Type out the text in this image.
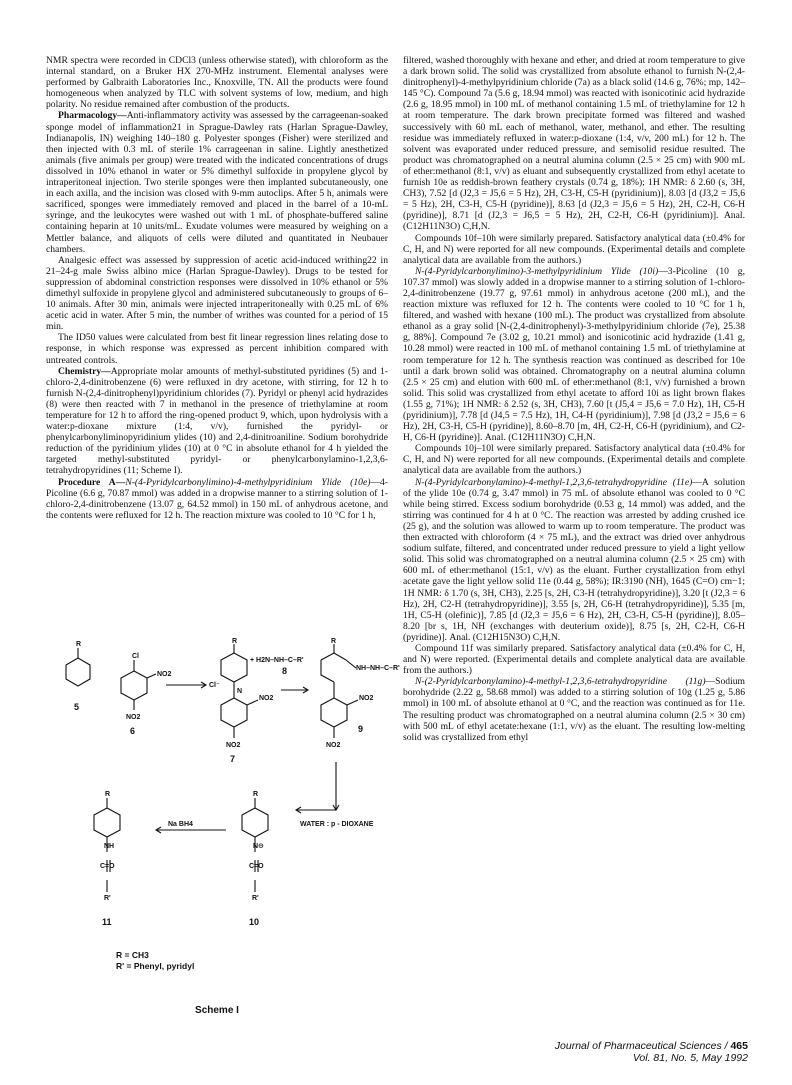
NMR spectra were recorded in CDCl3 (unless otherwise stated), with chloroform as the internal standard, on a Bruker HX 270-MHz instrument. Elemental analyses were performed by Galbraith Laboratories Inc., Knoxville, TN. All the products were found homogeneous when analyzed by TLC with solvent systems of low, medium, and high polarity. No residue remained after combustion of the products.

Pharmacology—Anti-inflammatory activity was assessed by the carrageenan-soaked sponge model of inflammation21 in Sprague-Dawley rats (Harlan Sprague-Dawley, Indianapolis, IN) weighing 140–180 g. Polyester sponges (Fisher) were sterilized and then injected with 0.3 mL of sterile 1% carrageenan in saline. Lightly anesthetized animals (five animals per group) were treated with the indicated concentrations of drugs dissolved in 10% ethanol in water or 5% dimethyl sulfoxide in propylene glycol by intraperitoneal injection. Two sterile sponges were then implanted subcutaneously, one in each axilla, and the incision was closed with 9-mm autoclips. After 5 h, animals were sacrificed, sponges were immediately removed and placed in the barrel of a 10-mL syringe, and the leukocytes were washed out with 1 mL of phosphate-buffered saline containing heparin at 10 units/mL. Exudate volumes were measured by weighing on a Mettler balance, and aliquots of cells were diluted and quantitated in Neubauer chambers.

Analgesic effect was assessed by suppression of acetic acid-induced writhing22 in 21–24-g male Swiss albino mice (Harlan Sprague-Dawley). Drugs to be tested for suppression of abdominal constriction responses were dissolved in 10% ethanol or 5% dimethyl sulfoxide in propylene glycol and administered subcutaneously to groups of 6–10 animals. After 30 min, animals were injected intraperitoneally with 0.25 mL of 6% acetic acid in water. After 5 min, the number of writhes was counted for a period of 15 min.

The ID50 values were calculated from best fit linear regression lines relating dose to response, in which response was expressed as percent inhibition compared with untreated controls.

Chemistry—Appropriate molar amounts of methyl-substituted pyridines (5) and 1-chloro-2,4-dinitrobenzene (6) were refluxed in dry acetone, with stirring, for 12 h to furnish N-(2,4-dinitrophenyl)pyridinium chlorides (7). Pyridyl or phenyl acid hydrazides (8) were then reacted with 7 in methanol in the presence of triethylamine at room temperature for 12 h to afford the ring-opened product 9, which, upon hydrolysis with a water:p-dioxane mixture (1:4, v/v), furnished the pyridyl- or phenylcarbonyliminopyridinium ylides (10) and 2,4-dinitroaniline. Sodium borohydride reduction of the pyridinium ylides (10) at 0 °C in absolute ethanol for 4 h yielded the targeted methyl-substituted pyridyl- or phenylcarbonylamino-1,2,3,6-tetrahydropyridines (11; Scheme I).

Procedure A—N-(4-Pyridylcarbonylimino)-4-methylpyridinium Ylide (10e)—4-Picoline (6.6 g, 70.87 mmol) was added in a dropwise manner to a stirring solution of 1-chloro-2,4-dinitrobenzene (13.07 g, 64.52 mmol) in 150 mL of anhydrous acetone, and the contents were refluxed for 12 h. The reaction mixture was cooled to 10 °C for 1 h,

R
Cl
NO2
NO2
R
N
Cl⁻
NO2
NO2
+ H2N–NH–C–R'
R
NH–NH–C–R'
NO2
NO2
R
N⊖
C=O
R'
R
NH
C=O
R'
Na BH4	WATER : p - DIOXANE
5
6
7
8
9
10
11
Scheme I
R = CH3
R' = Phenyl, pyridyl

filtered, washed thoroughly with hexane and ether, and dried at room temperature to give a dark brown solid. The solid was crystallized from absolute ethanol to furnish N-(2,4-dinitrophenyl)-4-methylpyridinium chloride (7a) as a black solid (14.6 g, 76%; mp, 142–145 °C). Compound 7a (5.6 g, 18.94 mmol) was reacted with isonicotinic acid hydrazide (2.6 g, 18.95 mmol) in 100 mL of methanol containing 1.5 mL of triethylamine for 12 h at room temperature. The dark brown precipitate formed was filtered and washed successively with 60 mL each of methanol, water, methanol, and ether. The resulting residue was immediately refluxed in water:p-dioxane (1:4, v/v, 200 mL) for 12 h. The solvent was evaporated under reduced pressure, and semisolid residue resulted. The product was chromatographed on a neutral alumina column (2.5 × 25 cm) with 900 mL of ether:methanol (8:1, v/v) as eluant and subsequently crystallized from ethyl acetate to furnish 10e as reddish-brown feathery crystals (0.74 g, 18%); 1H NMR: δ 2.60 (s, 3H, CH3), 7.52 [d (J2,3 = J5,6 = 5 Hz), 2H, C3-H, C5-H (pyridinium)], 8.03 [d (J3,2 = J5,6 = 5 Hz), 2H, C3-H, C5-H (pyridine)], 8.63 [d (J2,3 = J5,6 = 5 Hz), 2H, C2-H, C6-H (pyridine)], 8.71 [d (J2,3 = J6,5 = 5 Hz), 2H, C2-H, C6-H (pyridinium)]. Anal. (C12H11N3O) C,H,N.

Compounds 10f–10h were similarly prepared. Satisfactory analytical data (±0.4% for C, H, and N) were reported for all new compounds. (Experimental details and complete analytical data are available from the authors.)

N-(4-Pyridylcarbonylimino)-3-methylpyridinium Ylide (10i)—3-Picoline (10 g, 107.37 mmol) was slowly added in a dropwise manner to a stirring solution of 1-chloro-2,4-dinitrobenzene (19.77 g, 97.61 mmol) in anhydrous acetone (200 mL), and the reaction mixture was refluxed for 12 h. The contents were cooled to 10 °C for 1 h, filtered, and washed with hexane (100 mL). The product was crystallized from absolute ethanol as a gray solid [N-(2,4-dinitrophenyl)-3-methylpyridinium chloride (7e), 25.38 g, 88%]. Compound 7e (3.02 g, 10.21 mmol) and isonicotinic acid hydrazide (1.41 g, 10.28 mmol) were reacted in 100 mL of methanol containing 1.5 mL of triethylamine at room temperature for 12 h. The synthesis reaction was continued as described for 10e until a dark brown solid was obtained. Chromatography on a neutral alumina column (2.5 × 25 cm) and elution with 600 mL of ether:methanol (8:1, v/v) furnished a brown solid. This solid was crystallized from ethyl acetate to afford 10i as light brown flakes (1.55 g, 71%); 1H NMR: δ 2.52 (s, 3H, CH3), 7.60 [t (J5,4 = J5,6 = 7.0 Hz), 1H, C5-H (pyridinium)], 7.78 [d (J4,5 = 7.5 Hz), 1H, C4-H (pyridinium)], 7.98 [d (J3,2 = J5,6 = 6 Hz), 2H, C3-H, C5-H (pyridine)], 8.60–8.70 [m, 4H, C2-H, C6-H (pyridinium), and C2-H, C6-H (pyridine)]. Anal. (C12H11N3O) C,H,N.

Compounds 10j–10l were similarly prepared. Satisfactory analytical data (±0.4% for C, H, and N) were reported for all new compounds. (Experimental details and complete analytical data are available from the authors.)

N-(4-Pyridylcarbonylamino)-4-methyl-1,2,3,6-tetrahydropyridine (11e)—A solution of the ylide 10e (0.74 g, 3.47 mmol) in 75 mL of absolute ethanol was cooled to 0 °C while being stirred. Excess sodium borohydride (0.53 g, 14 mmol) was added, and the stirring was continued for 4 h at 0 °C. The reaction was arrested by adding crushed ice (25 g), and the solution was allowed to warm up to room temperature. The product was then extracted with chloroform (4 × 75 mL), and the extract was dried over anhydrous sodium sulfate, filtered, and concentrated under reduced pressure to yield a light yellow solid. This solid was chromatographed on a neutral alumina column (2.5 × 25 cm) with 600 mL of ether:methanol (15:1, v/v) as the eluant. Further crystallization from ethyl acetate gave the light yellow solid 11e (0.44 g, 58%); IR:3190 (NH), 1645 (C=O) cm−1; 1H NMR: δ 1.70 (s, 3H, CH3), 2.25 [s, 2H, C3-H (tetrahydropyridine)], 3.20 [t (J2,3 = 6 Hz), 2H, C2-H (tetrahydropyridine)], 3.55 [s, 2H, C6-H (tetrahydropyridine)], 5.35 [m, 1H, C5-H (olefinic)], 7.85 [d (J2,3 = J5,6 = 6 Hz), 2H, C3-H, C5-H (pyridine)], 8.05–8.20 [br s, 1H, NH (exchanges with deuterium oxide)], 8.75 [s, 2H, C2-H, C6-H (pyridine)]. Anal. (C12H15N3O) C,H,N.

Compound 11f was similarly prepared. Satisfactory analytical data (±0.4% for C, H, and N) were reported. (Experimental details and complete analytical data are available from the authors.)

N-(2-Pyridylcarbonylamino)-4-methyl-1,2,3,6-tetrahydropyridine (11g)—Sodium borohydride (2.22 g, 58.68 mmol) was added to a stirring solution of 10g (1.25 g, 5.86 mmol) in 100 mL of absolute ethanol at 0 °C, and the reaction was continued as for 11e. The resulting product was chromatographed on a neutral alumina column (2.5 × 30 cm) with 500 mL of ethyl acetate:hexane (1:1, v/v) as the eluant. The resulting low-melting solid was crystallized from ethyl

Journal of Pharmaceutical Sciences / 465
Vol. 81, No. 5, May 1992
